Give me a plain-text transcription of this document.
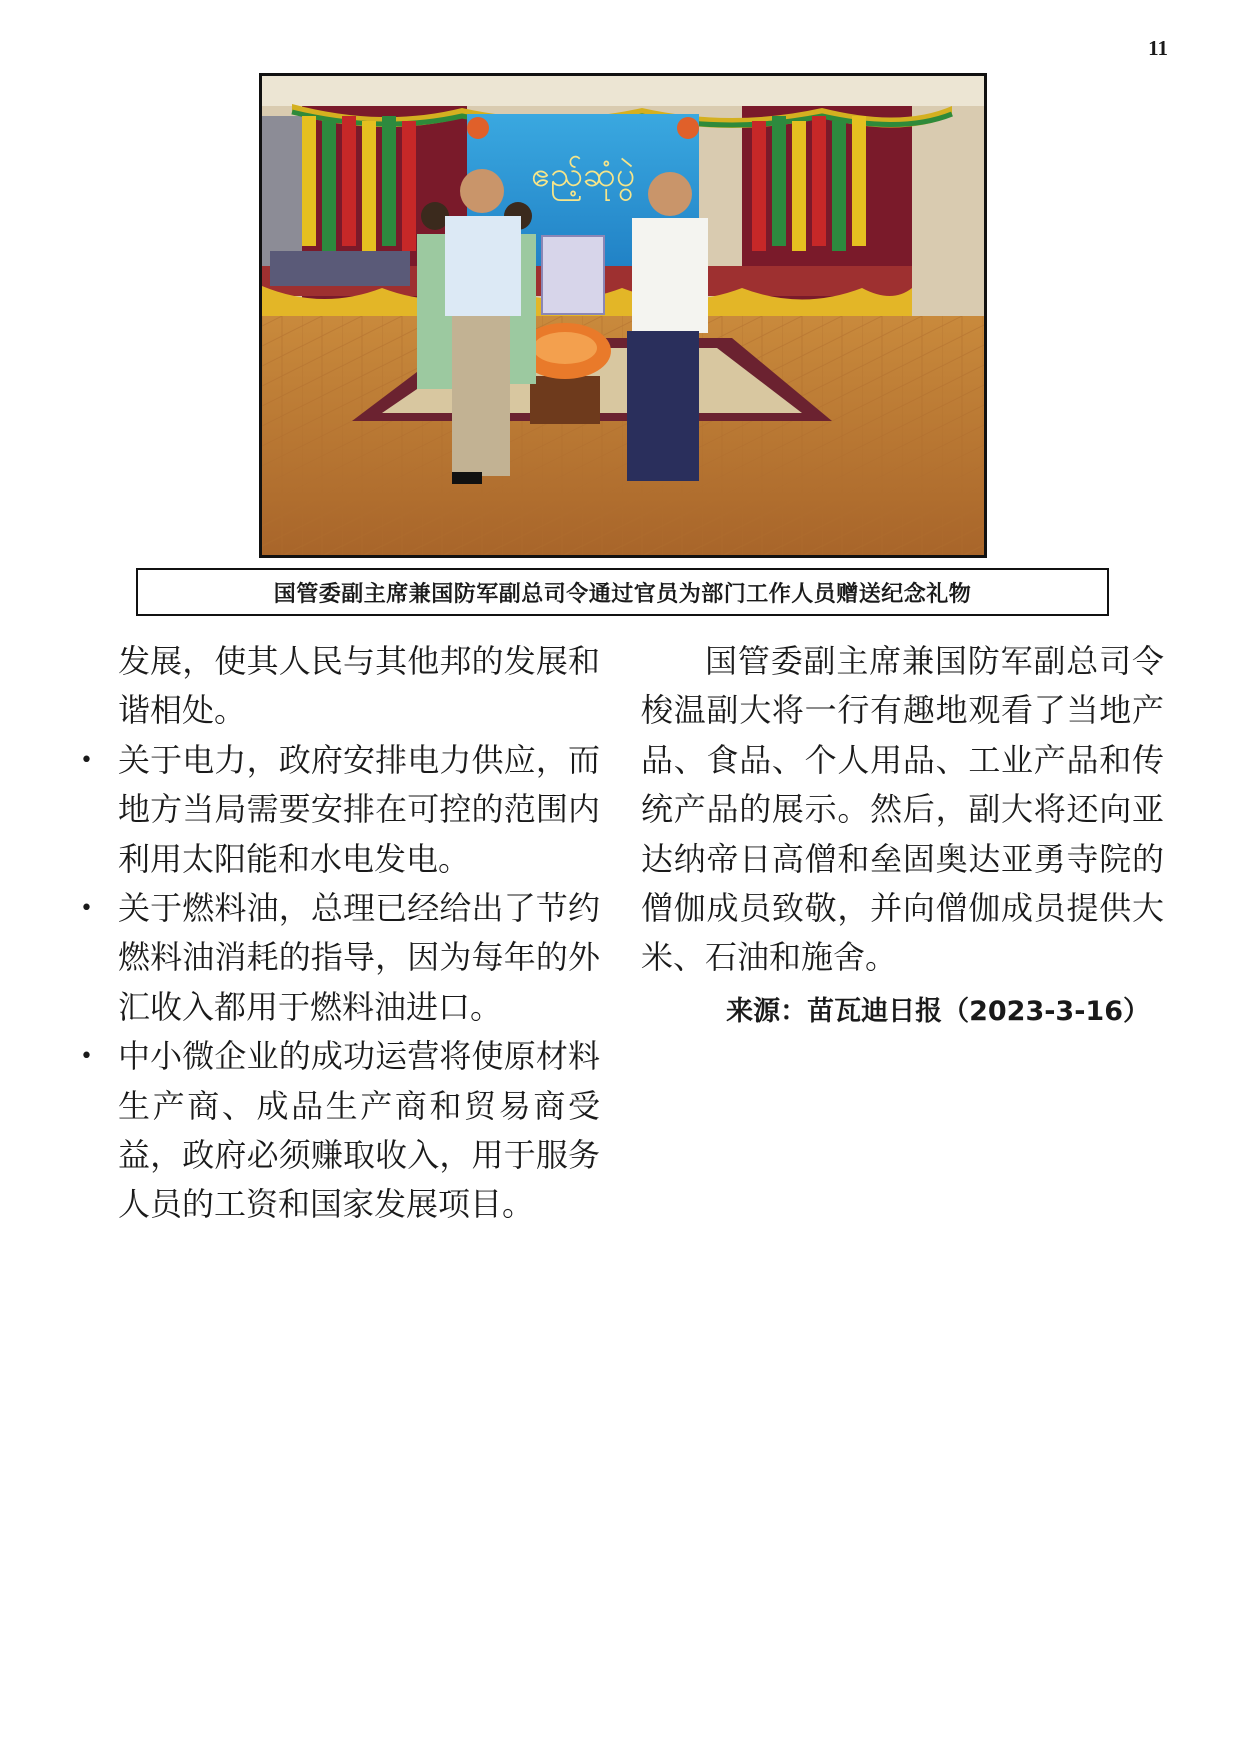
11
ဧည့်ဆုံပွဲ
国管委副主席兼国防军副总司令通过官员为部门工作人员赠送纪念礼物

发展，使其人民与其他邦的发展和谐相处。

• 关于电力，政府安排电力供应，而地方当局需要安排在可控的范围内利用太阳能和水电发电。
• 关于燃料油，总理已经给出了节约燃料油消耗的指导，因为每年的外汇收入都用于燃料油进口。
• 中小微企业的成功运营将使原材料生产商、成品生产商和贸易商受益，政府必须赚取收入，用于服务人员的工资和国家发展项目。

国管委副主席兼国防军副总司令梭温副大将一行有趣地观看了当地产品、食品、个人用品、工业产品和传统产品的展示。然后，副大将还向亚达纳帝日高僧和垒固奥达亚勇寺院的僧伽成员致敬，并向僧伽成员提供大米、石油和施舍。

来源：苗瓦迪日报（2023-3-16）
